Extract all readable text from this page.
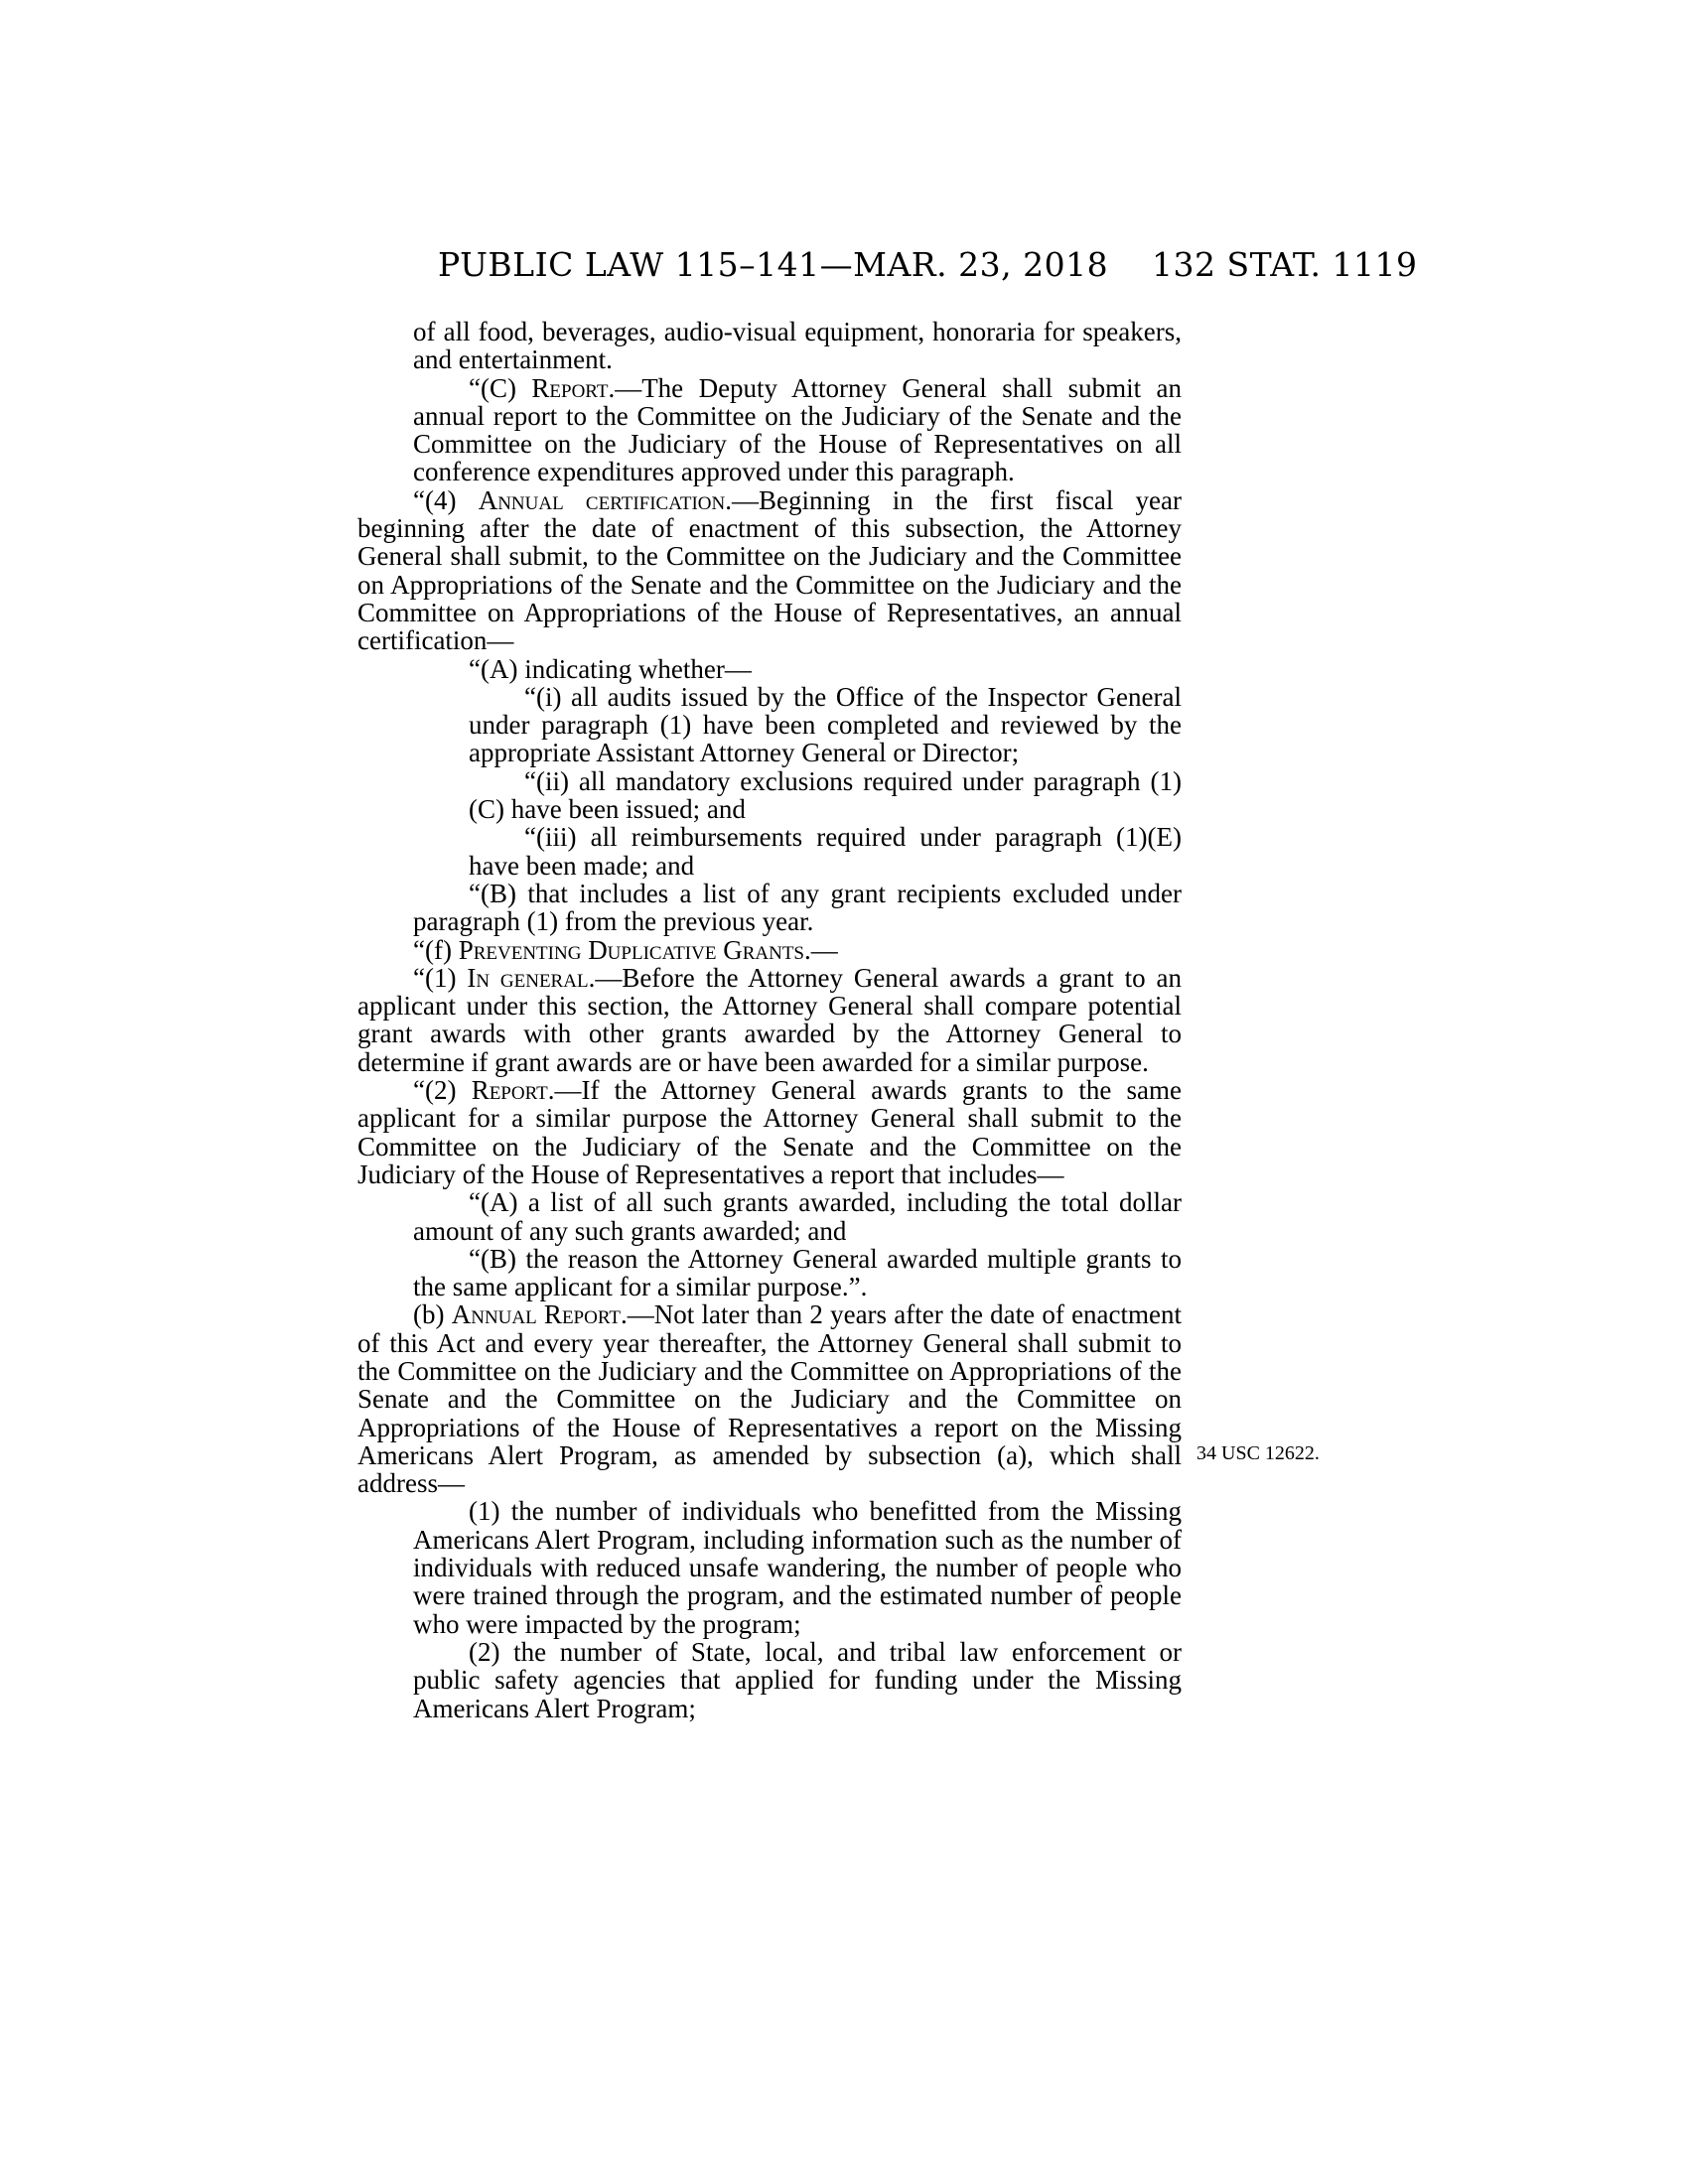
PUBLIC LAW 115–141—MAR. 23, 2018 132 STAT. 1119

of all food, beverages, audio-visual equipment, honoraria for speakers, and entertainment.

“(C) Report.—The Deputy Attorney General shall submit an annual report to the Committee on the Judiciary of the Senate and the Committee on the Judiciary of the House of Representatives on all conference expenditures approved under this paragraph.

“(4) Annual certification.—Beginning in the first fiscal year beginning after the date of enactment of this subsection, the Attorney General shall submit, to the Committee on the Judiciary and the Committee on Appropriations of the Senate and the Committee on the Judiciary and the Committee on Appropriations of the House of Representatives, an annual certification—

“(A) indicating whether—

“(i) all audits issued by the Office of the Inspector General under paragraph (1) have been completed and reviewed by the appropriate Assistant Attorney General or Director;

“(ii) all mandatory exclusions required under paragraph (1)(C) have been issued; and

“(iii) all reimbursements required under paragraph (1)(E) have been made; and

“(B) that includes a list of any grant recipients excluded under paragraph (1) from the previous year.

“(f) Preventing Duplicative Grants.—

“(1) In general.—Before the Attorney General awards a grant to an applicant under this section, the Attorney General shall compare potential grant awards with other grants awarded by the Attorney General to determine if grant awards are or have been awarded for a similar purpose.

“(2) Report.—If the Attorney General awards grants to the same applicant for a similar purpose the Attorney General shall submit to the Committee on the Judiciary of the Senate and the Committee on the Judiciary of the House of Representatives a report that includes—

“(A) a list of all such grants awarded, including the total dollar amount of any such grants awarded; and

“(B) the reason the Attorney General awarded multiple grants to the same applicant for a similar purpose.”.

(b) Annual Report.—Not later than 2 years after the date of enactment of this Act and every year thereafter, the Attorney General shall submit to the Committee on the Judiciary and the Committee on Appropriations of the Senate and the Committee on the Judiciary and the Committee on Appropriations of the House of Representatives a report on the Missing Americans Alert Program, as amended by subsection (a), which shall address—

(1) the number of individuals who benefitted from the Missing Americans Alert Program, including information such as the number of individuals with reduced unsafe wandering, the number of people who were trained through the program, and the estimated number of people who were impacted by the program;

(2) the number of State, local, and tribal law enforcement or public safety agencies that applied for funding under the Missing Americans Alert Program;

34 USC 12622.
